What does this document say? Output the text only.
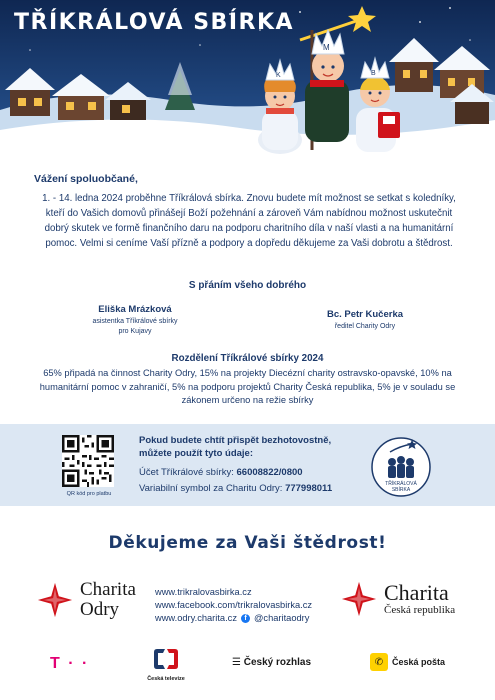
K
M
B
TŘÍKRÁLOVÁ SBÍRKA
Vážení spoluobčané,
1. - 14. ledna 2024 proběhne Tříkrálová sbírka. Znovu budete mít možnost se setkat s koledníky, kteří do Vašich domovů přinášejí Boží požehnání a zároveň Vám nabídnou možnost uskutečnit dobrý skutek ve formě finančního daru na podporu charitního díla v naší vlasti a na humanitární pomoc. Velmi si ceníme Vaší přízně a podpory a dopředu děkujeme za Vaši dobrotu a štědrost.
S přáním všeho dobrého
Eliška Mrázková
asistentka Tříkrálové sbírky
pro Kujavy
Bc. Petr Kučerka
ředitel Charity Odry
Rozdělení Tříkrálové sbírky 2024
65% připadá na činnost Charity Odry, 15% na projekty Diecézní charity ostravsko-opavské, 10% na humanitární pomoc v zahraničí, 5% na podporu projektů Charity Česká republika, 5% je v souladu se zákonem určeno na režie sbírky
QR kód pro platbu
Pokud budete chtít přispět bezhotovostně,
můžete použít tyto údaje:
Účet Tříkrálové sbírky: 66008822/0800
Variabilní symbol za Charitu Odry: 777998011	TŘÍKRÁLOVÁ
SBÍRKA
Děkujeme za Vaši štědrost!
Charita
Odry
www.trikralovasbirka.cz
www.facebook.com/trikralovasbirka.cz
www.odry.charita.cz	f @charitaodry
Charita
Česká republika
T · ·
Česká televize
☰ Český rozhlas	✆ Česká pošta
